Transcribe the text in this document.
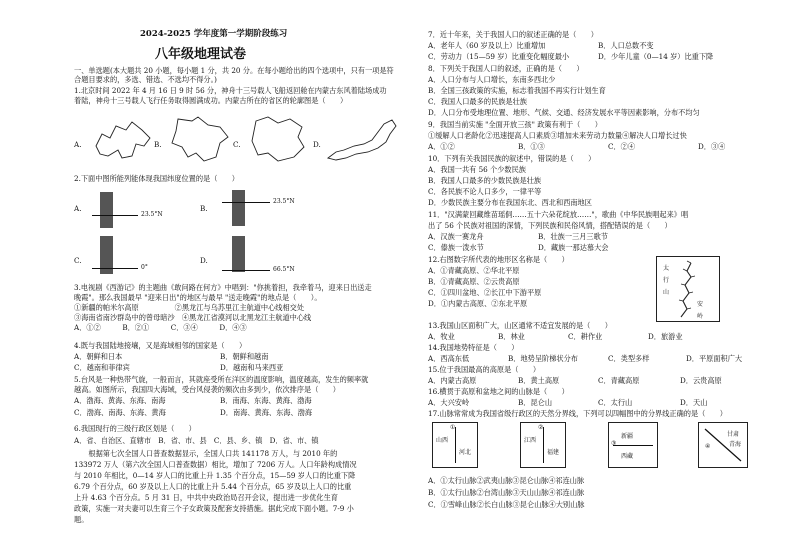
2024-2025 学年度第一学期阶段练习
八年级地理试卷
一、单选题(本大题共 20 小题，每小题 1 分，共 20 分。在每小题给出的四个选项中，只有一项是符合题目要求的，多选、错选、不选均不得分。)
1.北京时间 2022 年 4 月 16 日 9 时 56 分，神舟十三号载人飞船返回舱在内蒙古东风着陆场成功
着陆，神舟十三号载人飞行任务取得圆满成功。内蒙古所在的省区的轮廓图是（　　）
A.	B.	C.	D.
2.下面中图所能列能体现我国纬度位置的是（　　）
A.
23.5°N
B.
23.5°N
C.
0°
D.
66.5°N
3.电视剧《西游记》的主题曲《敢问路在何方》中唱到："你挑着担，我牵着马，迎来日出送走
晚霞"。那么我国最早 "迎来日出"的地区与最早 "送走晚霞"的地点是（　　）。
①新疆的帕米尔高原　　　　　②黑龙江与乌苏里江主航道中心线相交处
③海南省南沙群岛中的曾母暗沙　④黑龙江省漠河以北黑龙江主航道中心线
A．①②　　　B．②①　　　C．③④　　　D．④③
4.既与我国陆地接壤，又是海域相邻的国家是（　　）
A．朝鲜和日本	B．朝鲜和越南
C．越南和菲律宾	D．越南和马来西亚
5.台风是一种热带气旋，一般而言，其就座受所在洋区的温度影响，温度越高，发生的频率就
越高。如图所示，我国四大海域，受台风侵袭的频次由多到少，依次排序是（　　）
A．渤海、黄海、东海、南海	B．南海、东海、黄海、渤海
C．渤海、南海、东海、黄海	D．南海、黄海、东海、渤海
6.我国现行的三级行政区划是（　　）
A．省、自治区、直辖市　B．省、市、县　C．县、乡、镇　D．省、市、镇
　　根据第七次全国人口普查数据显示，全国人口共 141178 万人，与 2010 年的
133972 万人（第六次全国人口普查数据）相比，增加了 7206 万人。人口年龄构成情况
与 2010 年相比，0—14 岁人口的比重上升 1.35 个百分点，15—59 岁人口的比重下降
6.79 个百分点，60 岁及以上人口的比重上升 5.44 个百分点，65 岁及以上人口的比重
上升 4.63 个百分点。5 月 31 日，中共中央政治局召开会议，提出进一步优化生育
政策，实施一对夫妻可以生育三个子女政策及配套支持措施。据此完成下面小题。7-9 小
题。
7．近十年来，关于我国人口的叙述正确的是（　　）
A．老年人（60 岁及以上）比重增加	B．人口总数不变
C．劳动力（15—59 岁）比重变化幅度最小	D．少年儿童（0—14 岁）比重下降
8．下列关于我国人口的叙述，正确的是（　　）
A．人口分布与人口增长，东南多西北少
B．全国三孩政策的实施，标志着我国不再实行计划生育
C．我国人口最多的民族是壮族
D．人口分布受地理位置、地形、气候、交通、经济发展水平等因素影响，分布不均匀
9．我国当前实施 "全面开放三孩" 政策有利于（　　）
①缓解人口老龄化②迅速提高人口素质③增加未来劳动力数量④解决人口增长过快
A．①②	B．①③	C．②④	D．③④
10．下列有关我国民族的叙述中，错误的是（　　）
A．我国一共有 56 个少数民族
B．我国人口最多的少数民族是壮族
C．各民族不论人口多少，一律平等
D．少数民族主要分布在我国东北、西北和西南地区
11．"汉满蒙回藏维苗瑶侗……五十六朵花绽放……"，歌曲《中华民族唱起来》唱
出了 56 个民族对祖国的深情，下列民族和民俗风情，搭配错误的是（　　）
A．汉族一赛龙舟	B．壮族一三月三歌节
C．傣族一泼水节	D．藏族一那达慕大会
12.右图数字所代表的地形区名称是（　　）
A．①青藏高原、②华北平原
B．①青藏高原、②云贵高原
C．①四川盆地、②长江中下游平原
D．①内蒙古高原、②东北平原
太
行
山
安
岭
13.我国山区面积广大，山区通常不适宜发展的是（　　）
A．牧业	B．林业	C．耕作业	D．旅游业
14.我国地势特征是（　　）
A．西高东低	B．地势呈阶梯状分布	C．类型多样	D．平原面积广大
15.位于我国最高的高原是（　　）
A．内蒙古高原	B．黄土高原	C．青藏高原	D．云贵高原
16.横贯于高原和盆地之间的山脉是（　　）
A．大兴安岭	B．昆仑山	C．太行山	D．天山
17.山脉常常成为我国省级行政区的天然分界线，下列可以四幅图中的分界线正确的是（　　）
山西
河北
①
江西
福建
②
新疆
西藏
③
甘肃
青海
④
A．①太行山脉②武夷山脉③昆仑山脉④祁连山脉
B．①太行山脉②台湾山脉③天山山脉④祁连山脉
C．①雪峰山脉②长白山脉③昆仑山脉④大别山脉
